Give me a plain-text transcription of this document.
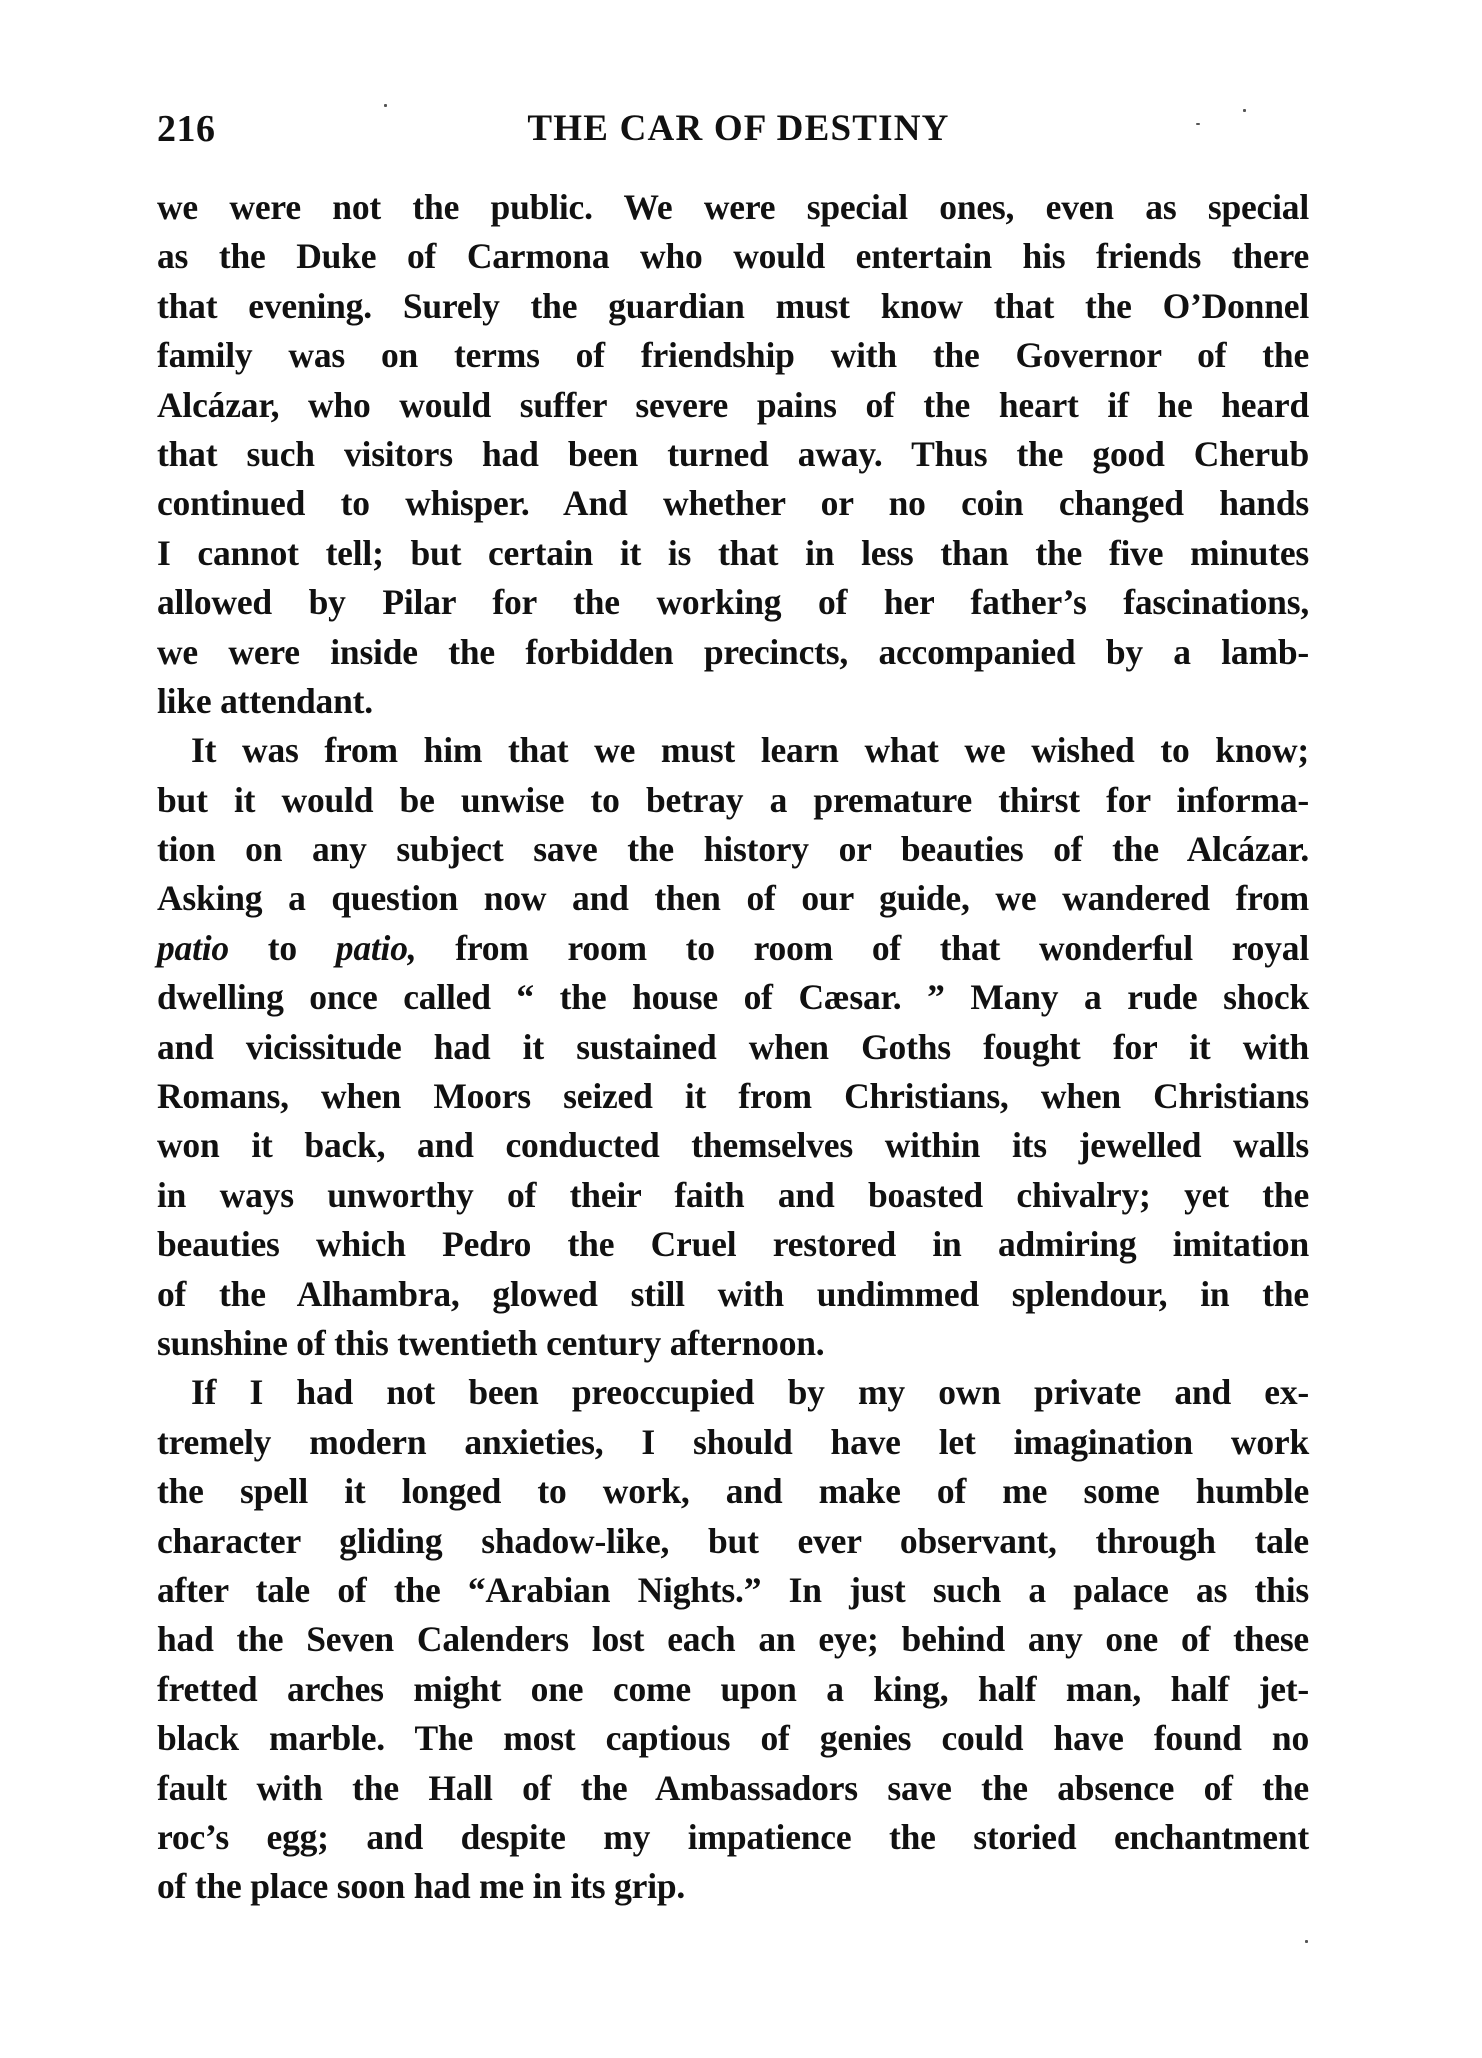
216	THE CAR OF DESTINY
we were not the public. We were special ones, even as special
as the Duke of Carmona who would entertain his friends there
that evening. Surely the guardian must know that the O’Donnel
family was on terms of friendship with the Governor of the
Alcázar, who would suffer severe pains of the heart if he heard
that such visitors had been turned away. Thus the good Cherub
continued to whisper. And whether or no coin changed hands
I cannot tell; but certain it is that in less than the five minutes
allowed by Pilar for the working of her father’s fascinations,
we were inside the forbidden precincts, accompanied by a lamb-
like attendant.
It was from him that we must learn what we wished to know;
but it would be unwise to betray a premature thirst for informa-
tion on any subject save the history or beauties of the Alcázar.
Asking a question now and then of our guide, we wandered from
patio to patio, from room to room of that wonderful royal
dwelling once called “ the house of Cæsar. ” Many a rude shock
and vicissitude had it sustained when Goths fought for it with
Romans, when Moors seized it from Christians, when Christians
won it back, and conducted themselves within its jewelled walls
in ways unworthy of their faith and boasted chivalry; yet the
beauties which Pedro the Cruel restored in admiring imitation
of the Alhambra, glowed still with undimmed splendour, in the
sunshine of this twentieth century afternoon.
If I had not been preoccupied by my own private and ex-
tremely modern anxieties, I should have let imagination work
the spell it longed to work, and make of me some humble
character gliding shadow-like, but ever observant, through tale
after tale of the “Arabian Nights.” In just such a palace as this
had the Seven Calenders lost each an eye; behind any one of these
fretted arches might one come upon a king, half man, half jet-
black marble. The most captious of genies could have found no
fault with the Hall of the Ambassadors save the absence of the
roc’s egg; and despite my impatience the storied enchantment
of the place soon had me in its grip.
